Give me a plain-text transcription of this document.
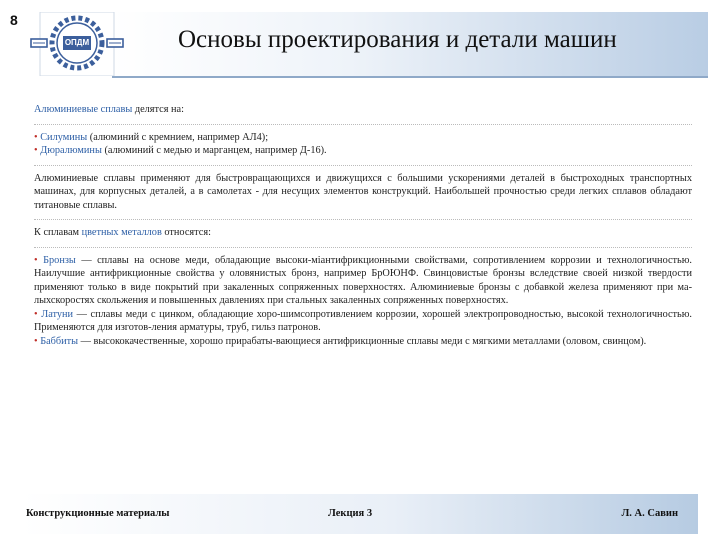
8
ОПДМ	Основы проектирования и детали машин

Алюминиевые сплавы делятся на:

• Силумины (алюминий с кремнием, например АЛ4);

• Дюралюмины (алюминий с медью и марганцем, например Д-16).

Алюминиевые сплавы применяют для быстровращающихся и движущихся с большими ускорениями деталей в быстроходных транспортных машинах, для корпусных деталей, а в самолетах - для несущих элементов конструкций. Наибольшей прочностью среди легких сплавов обладают титановые сплавы.

К сплавам цветных металлов относятся:

• Бронзы — сплавы на основе меди, обладающие высоки-мiантифрикционными свойствами, сопротивлением коррозии и технологичностью. Наилучшие антифрикционные свойства у оловянистых бронз, например БрОЮНФ. Свинцовистые бронзы вследствие своей низкой твердости применяют только в виде покрытий при закаленных сопряженных поверхностях. Алюминиевые бронзы с добавкой железа применяют при ма-лыхскоростях скольжения и повышенных давлениях при стальных закаленных сопряженных поверхностях.

• Латуни — сплавы меди с цинком, обладающие хоро-шимсопротивлением коррозии, хорошей электропроводностью, высокой технологичностью. Применяются для изготов-ления арматуры, труб, гильз патронов.

• Баббиты — высококачественные, хорошо прирабаты-вающиеся антифрикционные сплавы меди с мягкими металлами (оловом, свинцом).

Конструкционные материалы	Лекция 3	Л. А. Савин
